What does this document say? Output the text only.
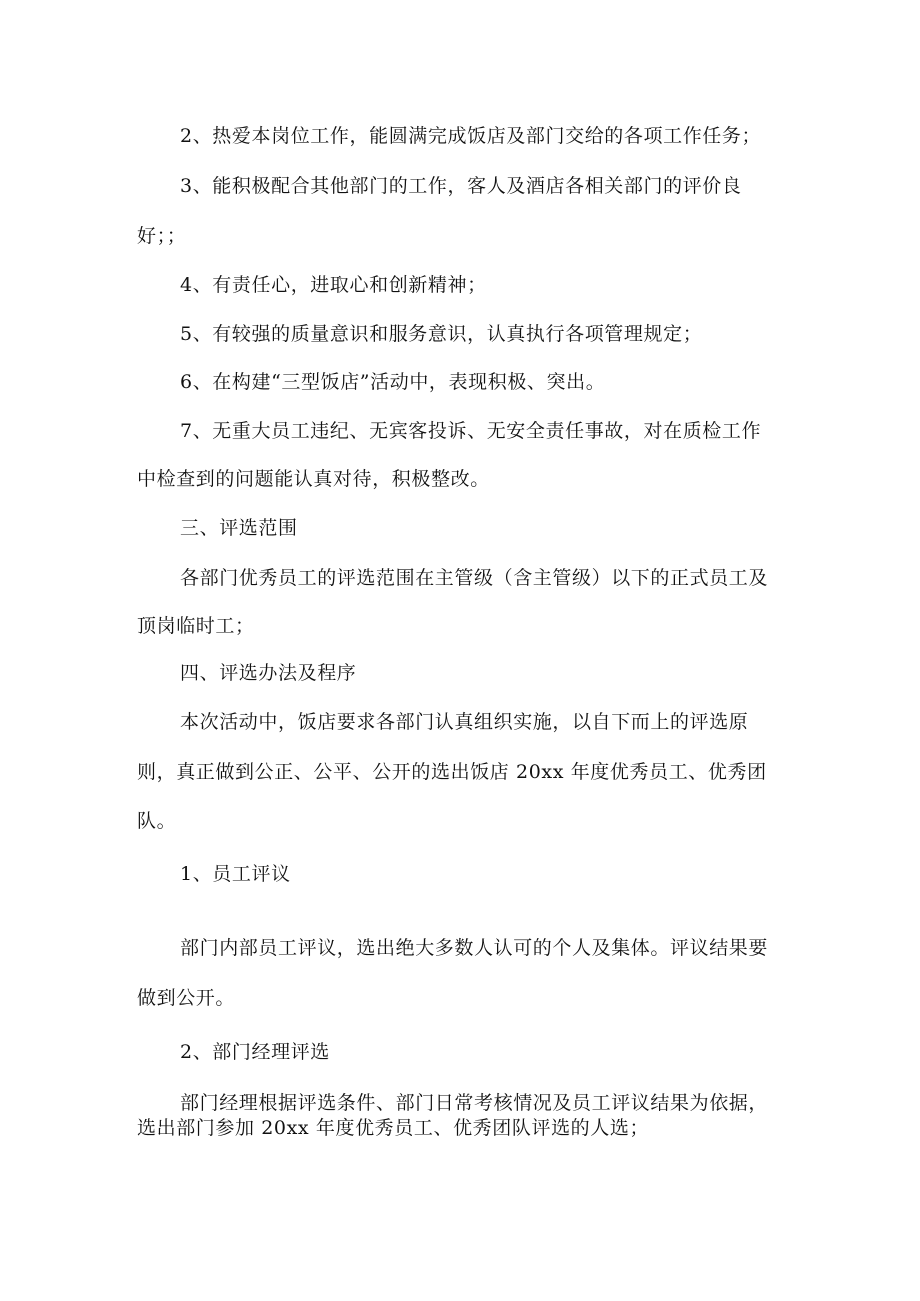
2、热爱本岗位工作，能圆满完成饭店及部门交给的各项工作任务；
3、能积极配合其他部门的工作，客人及酒店各相关部门的评价良
好；；
4、有责任心，进取心和创新精神；
5、有较强的质量意识和服务意识，认真执行各项管理规定；
6、在构建“三型饭店”活动中，表现积极、突出。
7、无重大员工违纪、无宾客投诉、无安全责任事故，对在质检工作
中检查到的问题能认真对待，积极整改。
三、评选范围
各部门优秀员工的评选范围在主管级（含主管级）以下的正式员工及
顶岗临时工；
四、评选办法及程序
本次活动中，饭店要求各部门认真组织实施，以自下而上的评选原
则，真正做到公正、公平、公开的选出饭店 20xx 年度优秀员工、优秀团
队。
1、员工评议
部门内部员工评议，选出绝大多数人认可的个人及集体。评议结果要
做到公开。
2、部门经理评选
部门经理根据评选条件、部门日常考核情况及员工评议结果为依据，
选出部门参加 20xx 年度优秀员工、优秀团队评选的人选；
